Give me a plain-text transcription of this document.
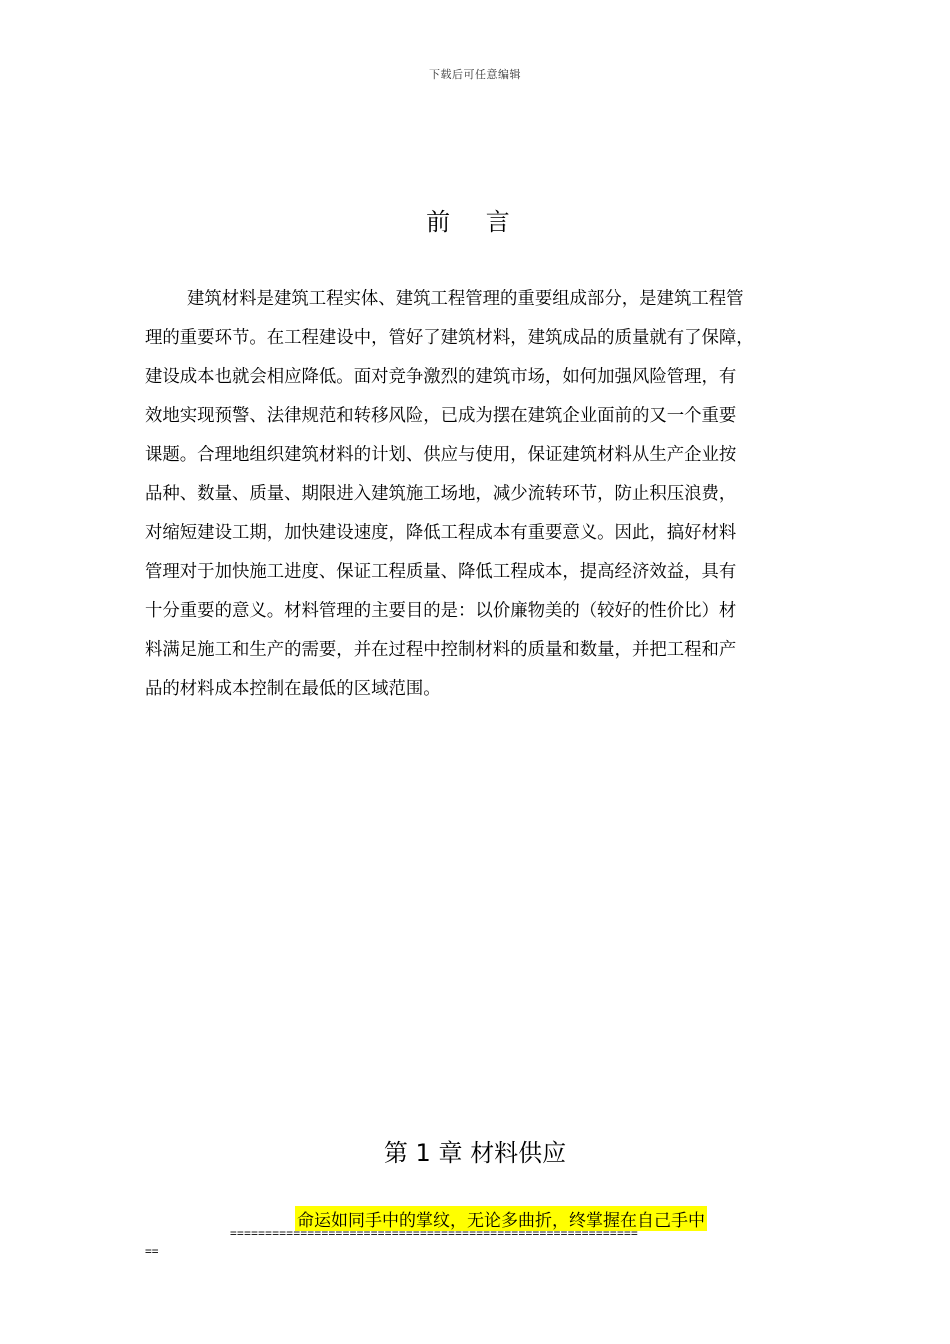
下载后可任意编辑
前 言
建筑材料是建筑工程实体、建筑工程管理的重要组成部分，是建筑工程管
理的重要环节。在工程建设中，管好了建筑材料，建筑成品的质量就有了保障，
建设成本也就会相应降低。面对竞争激烈的建筑市场，如何加强风险管理，有
效地实现预警、法律规范和转移风险，已成为摆在建筑企业面前的又一个重要
课题。合理地组织建筑材料的计划、供应与使用，保证建筑材料从生产企业按
品种、数量、质量、期限进入建筑施工场地，减少流转环节，防止积压浪费，
对缩短建设工期，加快建设速度，降低工程成本有重要意义。因此，搞好材料
管理对于加快施工进度、保证工程质量、降低工程成本，提高经济效益，具有
十分重要的意义。材料管理的主要目的是：以价廉物美的（较好的性价比）材
料满足施工和生产的需要，并在过程中控制材料的质量和数量，并把工程和产
品的材料成本控制在最低的区域范围。
第 1 章 材料供应
命运如同手中的掌纹，无论多曲折，终掌握在自己手中
==========================================================
==
